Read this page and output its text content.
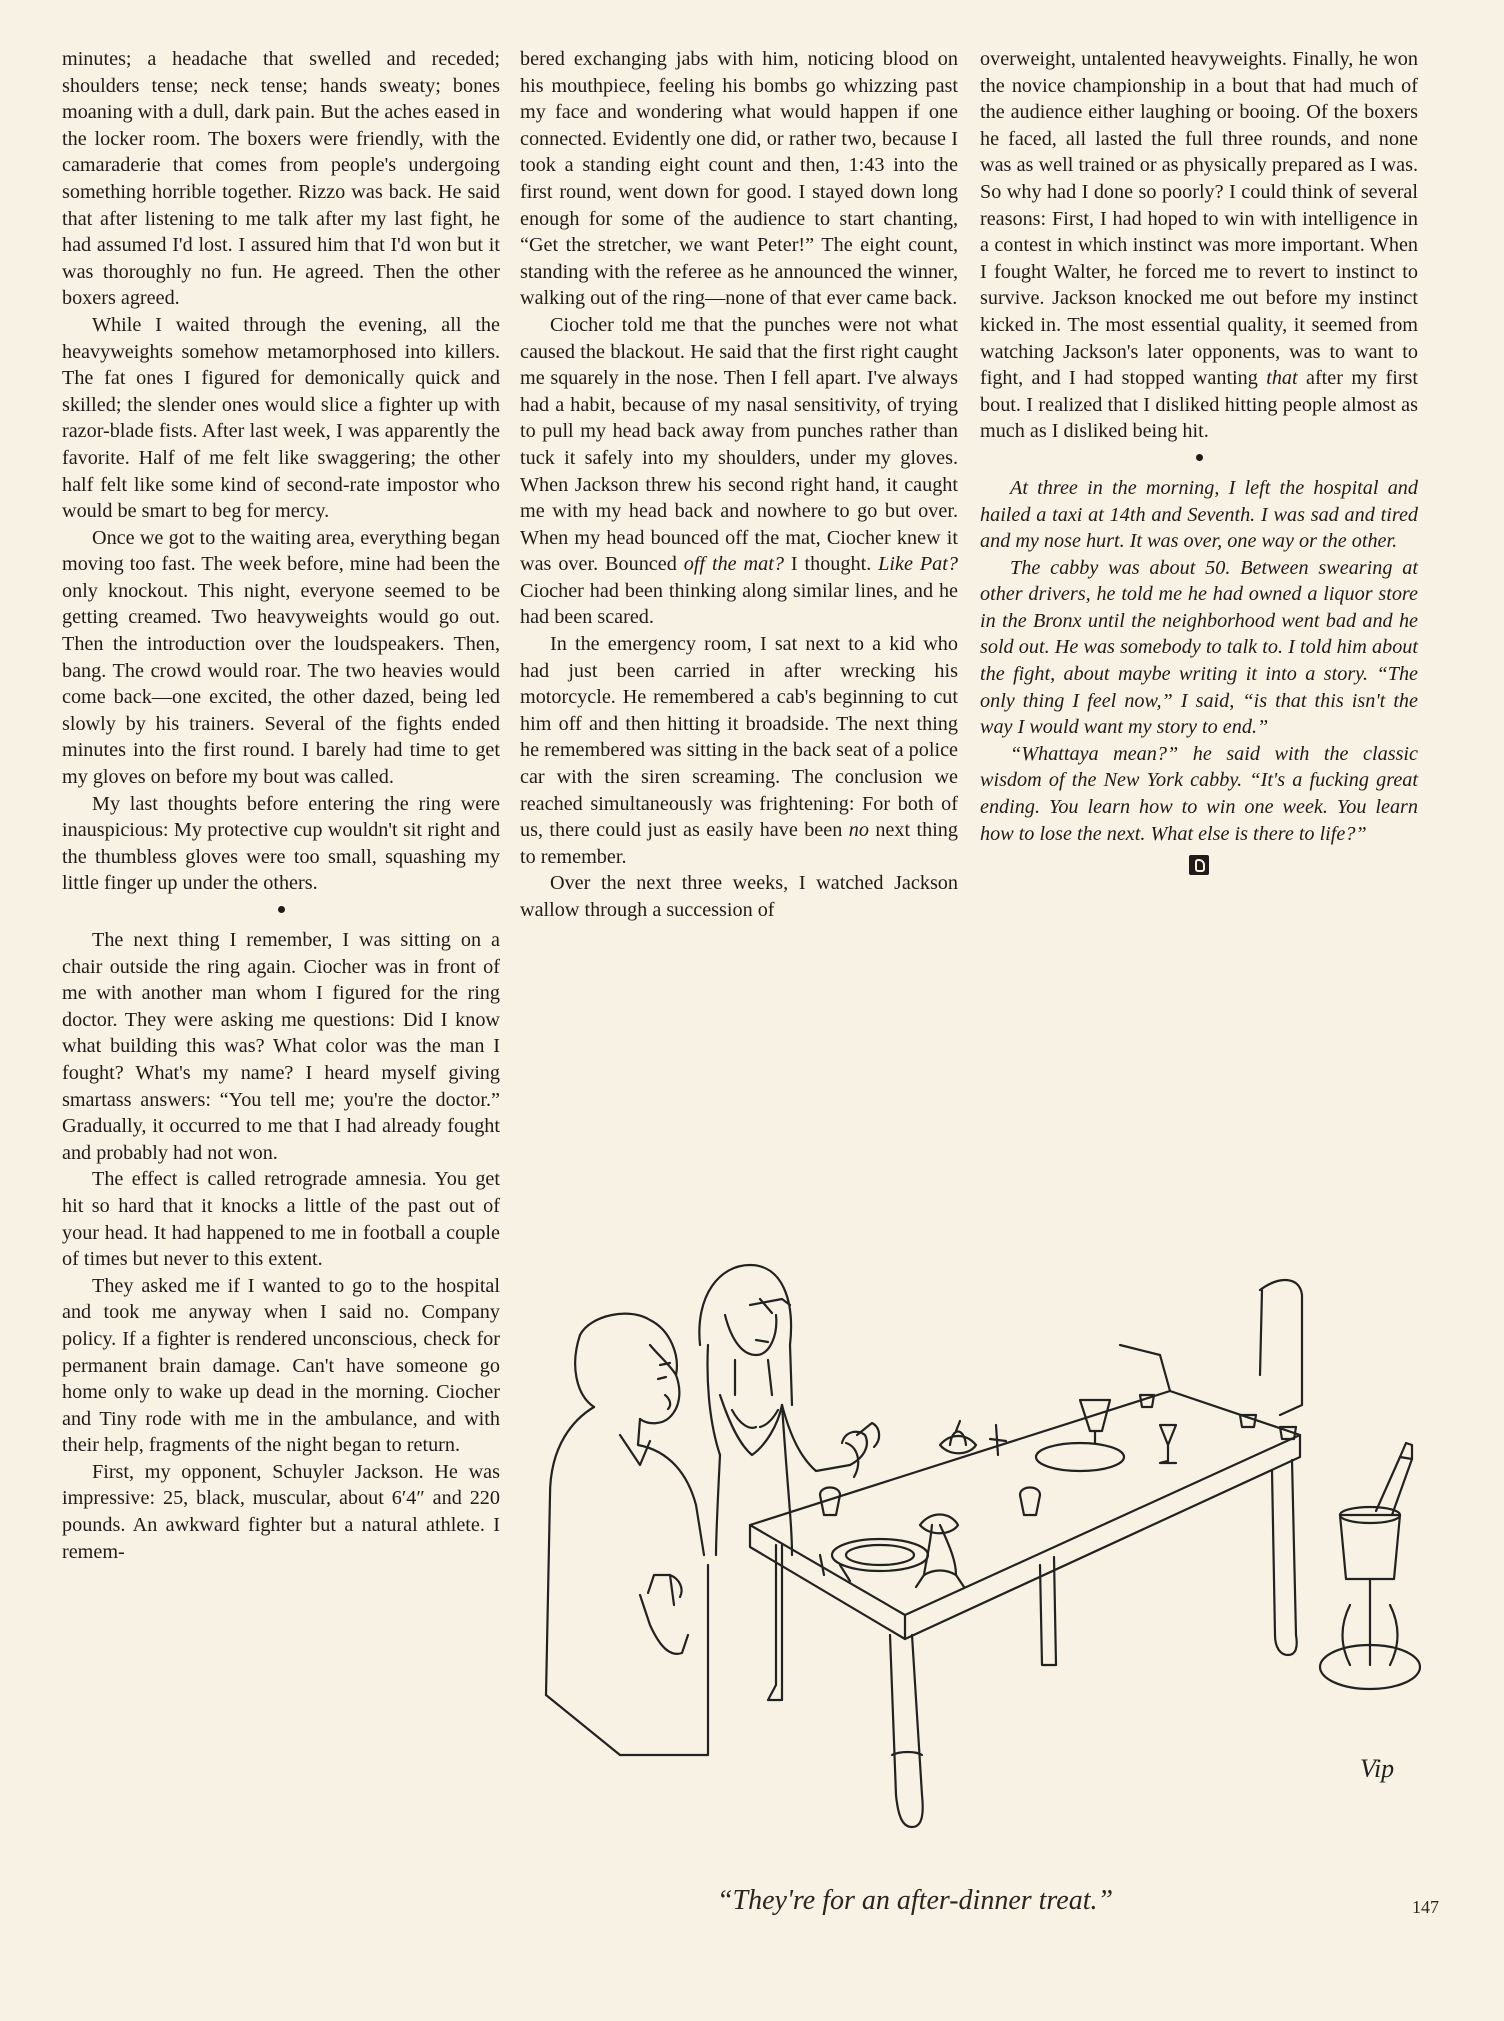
minutes; a headache that swelled and receded; shoulders tense; neck tense; hands sweaty; bones moaning with a dull, dark pain. But the aches eased in the locker room. The boxers were friendly, with the camaraderie that comes from people's undergoing something horrible together. Rizzo was back. He said that after listening to me talk after my last fight, he had assumed I'd lost. I assured him that I'd won but it was thoroughly no fun. He agreed. Then the other boxers agreed.

While I waited through the evening, all the heavyweights somehow metamorphosed into killers. The fat ones I figured for demonically quick and skilled; the slender ones would slice a fighter up with razor-blade fists. After last week, I was apparently the favorite. Half of me felt like swaggering; the other half felt like some kind of second-rate impostor who would be smart to beg for mercy.

Once we got to the waiting area, everything began moving too fast. The week before, mine had been the only knockout. This night, everyone seemed to be getting creamed. Two heavyweights would go out. Then the introduction over the loudspeakers. Then, bang. The crowd would roar. The two heavies would come back—one excited, the other dazed, being led slowly by his trainers. Several of the fights ended minutes into the first round. I barely had time to get my gloves on before my bout was called.

My last thoughts before entering the ring were inauspicious: My protective cup wouldn't sit right and the thumbless gloves were too small, squashing my little finger up under the others.

The next thing I remember, I was sitting on a chair outside the ring again. Ciocher was in front of me with another man whom I figured for the ring doctor. They were asking me questions: Did I know what building this was? What color was the man I fought? What's my name? I heard myself giving smartass answers: “You tell me; you're the doctor.” Gradually, it occurred to me that I had already fought and probably had not won.

The effect is called retrograde amnesia. You get hit so hard that it knocks a little of the past out of your head. It had happened to me in football a couple of times but never to this extent.

They asked me if I wanted to go to the hospital and took me anyway when I said no. Company policy. If a fighter is rendered unconscious, check for permanent brain damage. Can't have someone go home only to wake up dead in the morning. Ciocher and Tiny rode with me in the ambulance, and with their help, fragments of the night began to return.

First, my opponent, Schuyler Jackson. He was impressive: 25, black, muscular, about 6′4″ and 220 pounds. An awkward fighter but a natural athlete. I remem-

bered exchanging jabs with him, noticing blood on his mouthpiece, feeling his bombs go whizzing past my face and wondering what would happen if one connected. Evidently one did, or rather two, because I took a standing eight count and then, 1:43 into the first round, went down for good. I stayed down long enough for some of the audience to start chanting, “Get the stretcher, we want Peter!” The eight count, standing with the referee as he announced the winner, walking out of the ring—none of that ever came back.

Ciocher told me that the punches were not what caused the blackout. He said that the first right caught me squarely in the nose. Then I fell apart. I've always had a habit, because of my nasal sensitivity, of trying to pull my head back away from punches rather than tuck it safely into my shoulders, under my gloves. When Jackson threw his second right hand, it caught me with my head back and nowhere to go but over. When my head bounced off the mat, Ciocher knew it was over. Bounced off the mat? I thought. Like Pat? Ciocher had been thinking along similar lines, and he had been scared.

In the emergency room, I sat next to a kid who had just been carried in after wrecking his motorcycle. He remembered a cab's beginning to cut him off and then hitting it broadside. The next thing he remembered was sitting in the back seat of a police car with the siren screaming. The conclusion we reached simultaneously was frightening: For both of us, there could just as easily have been no next thing to remember.

Over the next three weeks, I watched Jackson wallow through a succession of

overweight, untalented heavyweights. Finally, he won the novice championship in a bout that had much of the audience either laughing or booing. Of the boxers he faced, all lasted the full three rounds, and none was as well trained or as physically prepared as I was. So why had I done so poorly? I could think of several reasons: First, I had hoped to win with intelligence in a contest in which instinct was more important. When I fought Walter, he forced me to revert to instinct to survive. Jackson knocked me out before my instinct kicked in. The most essential quality, it seemed from watching Jackson's later opponents, was to want to fight, and I had stopped wanting that after my first bout. I realized that I disliked hitting people almost as much as I disliked being hit.

At three in the morning, I left the hospital and hailed a taxi at 14th and Seventh. I was sad and tired and my nose hurt. It was over, one way or the other.

The cabby was about 50. Between swearing at other drivers, he told me he had owned a liquor store in the Bronx until the neighborhood went bad and he sold out. He was somebody to talk to. I told him about the fight, about maybe writing it into a story. “The only thing I feel now,” I said, “is that this isn't the way I would want my story to end.”

“Whattaya mean?” he said with the classic wisdom of the New York cabby. “It's a fucking great ending. You learn how to win one week. You learn how to lose the next. What else is there to life?”

Vip
“They're for an after-dinner treat.”	147
